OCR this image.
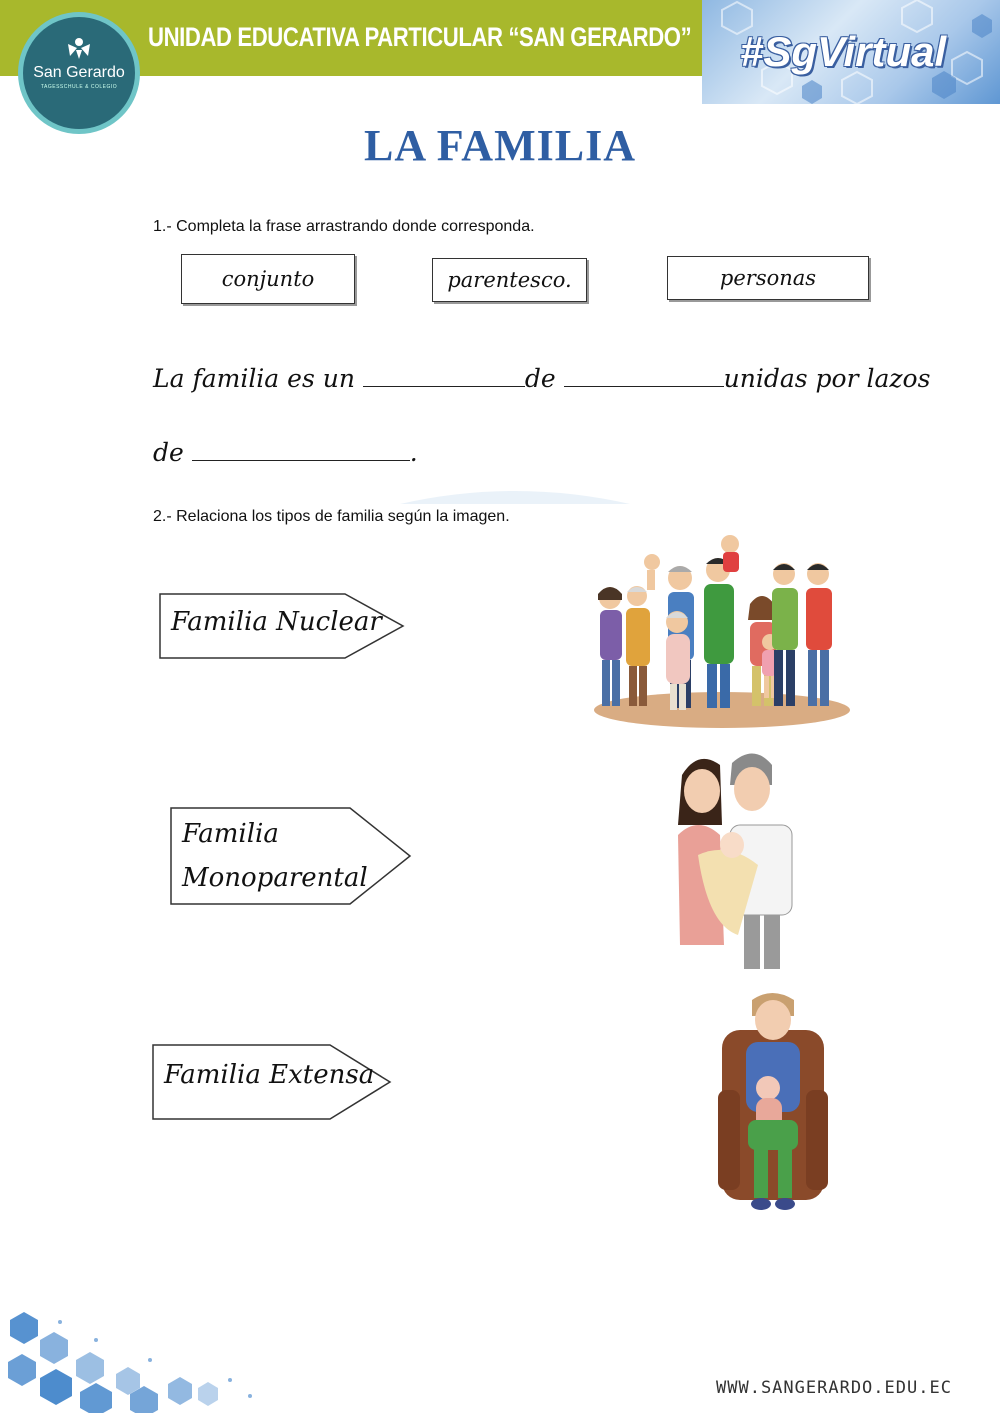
UNIDAD EDUCATIVA PARTICULAR “SAN GERARDO” #SgVirtual
San Gerardo
TAGESSCHULE & COLEGIO
LA FAMILIA
1.- Completa la frase arrastrando donde corresponda.
conjunto	parentesco.	personas
La familia es un	de	unidas por lazos
de	.
2.- Relaciona los tipos de familia según la imagen.
Familia Nuclear
Familia
Monoparental
Familia Extensa
WWW.SANGERARDO.EDU.EC
